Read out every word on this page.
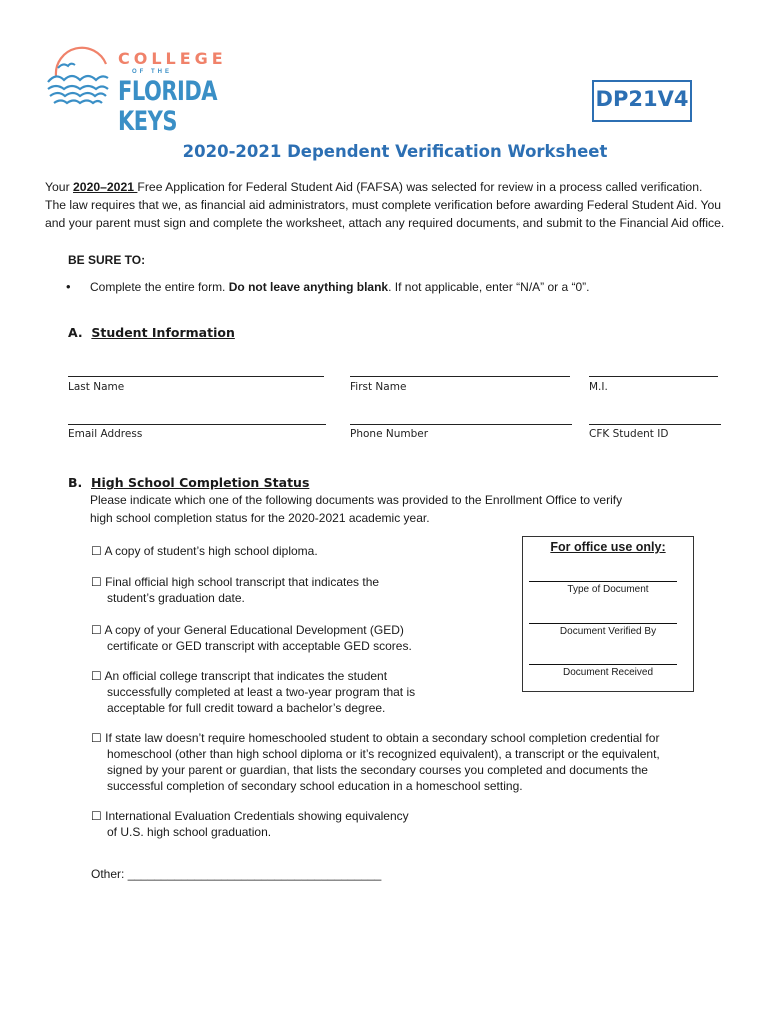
COLLEGE
OF THE
FLORIDA KEYS
DP21V4
2020-2021 Dependent Verification Worksheet
Your 2020–2021 Free Application for Federal Student Aid (FAFSA) was selected for review in a process called verification. The law requires that we, as financial aid administrators, must complete verification before awarding Federal Student Aid. You and your parent must sign and complete the worksheet, attach any required documents, and submit to the Financial Aid office.
BE SURE TO:
• Complete the entire form. Do not leave anything blank. If not applicable, enter “N/A” or a “0”.
A. Student Information
Last Name	First Name	M.I.
Email Address	Phone Number	CFK Student ID
B. High School Completion Status
Please indicate which one of the following documents was provided to the Enrollment Office to verify
high school completion status for the 2020-2021 academic year.
☐ A copy of student’s high school diploma.
☐ Final official high school transcript that indicates the
student’s graduation date.
☐ A copy of your General Educational Development (GED)
certificate or GED transcript with acceptable GED scores.
☐ An official college transcript that indicates the student
successfully completed at least a two-year program that is
acceptable for full credit toward a bachelor’s degree.
☐ If state law doesn’t require homeschooled student to obtain a secondary school completion credential for
homeschool (other than high school diploma or it’s recognized equivalent), a transcript or the equivalent,
signed by your parent or guardian, that lists the secondary courses you completed and documents the
successful completion of secondary school education in a homeschool setting.
☐ International Evaluation Credentials showing equivalency
of U.S. high school graduation.
Other: ______________________________________
For office use only:
Type of Document
Document Verified By
Document Received
